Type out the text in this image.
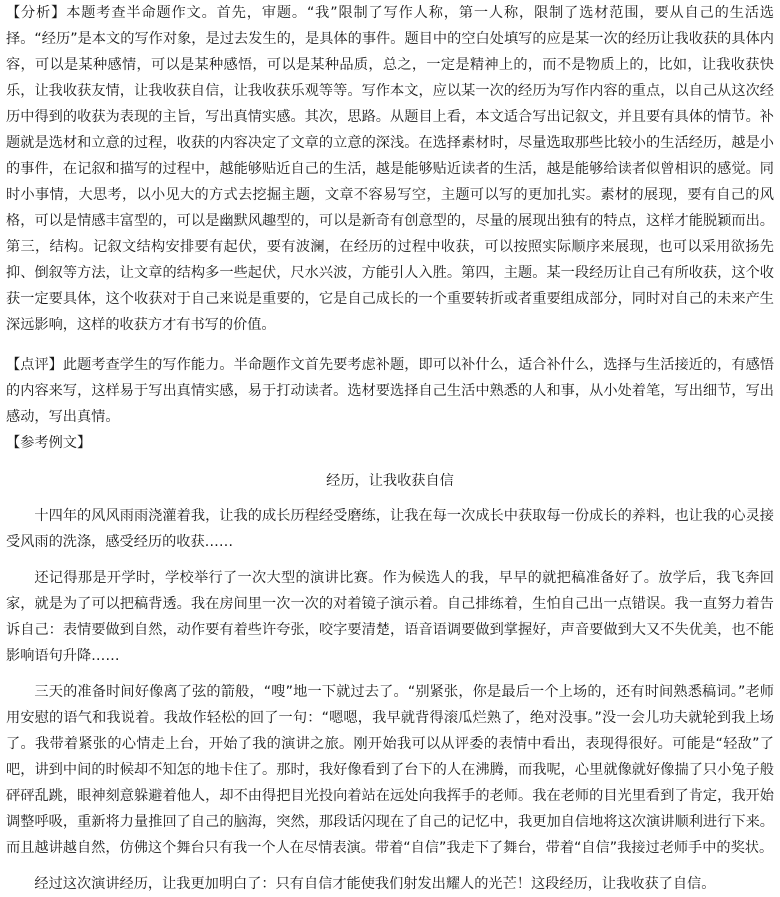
【分析】本题考查半命题作文。首先，审题。“我”限制了写作人称，第一人称，限制了选材范围，要从自己的生活选择。“经历”是本文的写作对象，是过去发生的，是具体的事件。题目中的空白处填写的应是某一次的经历让我收获的具体内容，可以是某种感情，可以是某种感悟，可以是某种品质，总之，一定是精神上的，而不是物质上的，比如，让我收获快乐，让我收获友情，让我收获自信，让我收获乐观等等。写作本文，应以某一次的经历为写作内容的重点，以自己从这次经历中得到的收获为表现的主旨，写出真情实感。其次，思路。从题目上看，本文适合写出记叙文，并且要有具体的情节。补题就是选材和立意的过程，收获的内容决定了文章的立意的深浅。在选择素材时，尽量选取那些比较小的生活经历，越是小的事件，在记叙和描写的过程中，越能够贴近自己的生活，越是能够贴近读者的生活，越是能够给读者似曾相识的感觉。同时小事情，大思考，以小见大的方式去挖掘主题，文章不容易写空，主题可以写的更加扎实。素材的展现，要有自己的风格，可以是情感丰富型的，可以是幽默风趣型的，可以是新奇有创意型的，尽量的展现出独有的特点，这样才能脱颖而出。第三，结构。记叙文结构安排要有起伏，要有波澜，在经历的过程中收获，可以按照实际顺序来展现，也可以采用欲扬先抑、倒叙等方法，让文章的结构多一些起伏，尺水兴波，方能引人入胜。第四，主题。某一段经历让自己有所收获，这个收获一定要具体，这个收获对于自己来说是重要的，它是自己成长的一个重要转折或者重要组成部分，同时对自己的未来产生深远影响，这样的收获方才有书写的价值。

【点评】此题考查学生的写作能力。半命题作文首先要考虑补题，即可以补什么，适合补什么，选择与生活接近的，有感悟的内容来写，这样易于写出真情实感，易于打动读者。选材要选择自己生活中熟悉的人和事，从小处着笔，写出细节，写出感动，写出真情。

【参考例文】

经历，让我收获自信

十四年的风风雨雨浇灌着我，让我的成长历程经受磨练，让我在每一次成长中获取每一份成长的养料，也让我的心灵接受风雨的洗涤，感受经历的收获……

还记得那是开学时，学校举行了一次大型的演讲比赛。作为候选人的我，早早的就把稿准备好了。放学后，我飞奔回家，就是为了可以把稿背透。我在房间里一次一次的对着镜子演示着。自己排练着，生怕自己出一点错误。我一直努力着告诉自己：表情要做到自然，动作要有着些许夸张，咬字要清楚，语音语调要做到掌握好，声音要做到大又不失优美，也不能影响语句升降……

三天的准备时间好像离了弦的箭般，“嗖”地一下就过去了。“别紧张，你是最后一个上场的，还有时间熟悉稿词。”老师用安慰的语气和我说着。我故作轻松的回了一句：“嗯嗯，我早就背得滚瓜烂熟了，绝对没事。”没一会儿功夫就轮到我上场了。我带着紧张的心情走上台，开始了我的演讲之旅。刚开始我可以从评委的表情中看出，表现得很好。可能是“轻敌”了吧，讲到中间的时候却不知怎的地卡住了。那时，我好像看到了台下的人在沸腾，而我呢，心里就像就好像揣了只小兔子般砰砰乱跳，眼神刻意躲避着他人，却不由得把目光投向着站在远处向我挥手的老师。我在老师的目光里看到了肯定，我开始调整呼吸，重新将力量推回了自己的脑海，突然，那段话闪现在了自己的记忆中，我更加自信地将这次演讲顺利进行下来。而且越讲越自然，仿佛这个舞台只有我一个人在尽情表演。带着“自信”我走下了舞台，带着“自信”我接过老师手中的奖状。

经过这次演讲经历，让我更加明白了：只有自信才能使我们射发出耀人的光芒！这段经历，让我收获了自信。
